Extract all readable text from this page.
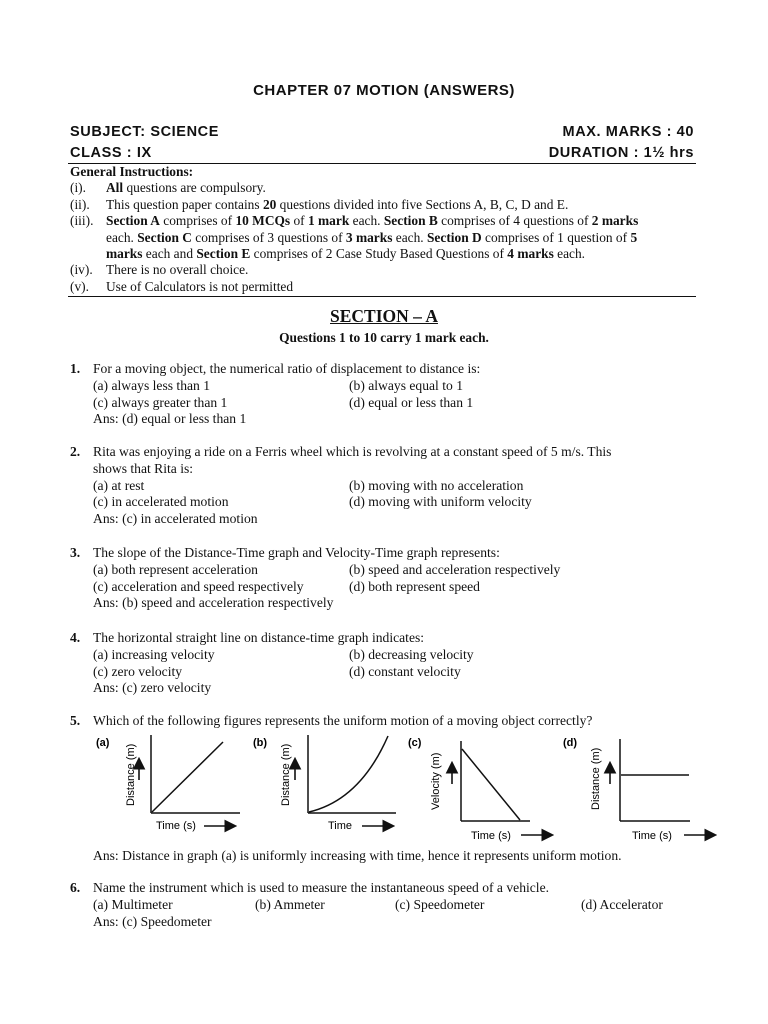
CHAPTER 07 MOTION (ANSWERS)
SUBJECT: SCIENCE	MAX. MARKS : 40
CLASS : IX	DURATION : 1½ hrs
General Instructions:
(i).	All questions are compulsory.
(ii).	This question paper contains 20 questions divided into five Sections A, B, C, D and E.
(iii). Section A comprises of 10 MCQs of 1 mark each. Section B comprises of 4 questions of 2 marks
each. Section C comprises of 3 questions of 3 marks each. Section D comprises of 1 question of 5
marks each and Section E comprises of 2 Case Study Based Questions of 4 marks each.
(iv). There is no overall choice.
(v).	Use of Calculators is not permitted
SECTION – A
Questions 1 to 10 carry 1 mark each.
1. For a moving object, the numerical ratio of displacement to distance is:
(a) always less than 1	(b) always equal to 1
(c) always greater than 1	(d) equal or less than 1
Ans: (d) equal or less than 1
2. Rita was enjoying a ride on a Ferris wheel which is revolving at a constant speed of 5 m/s. This
shows that Rita is:
(a) at rest	(b) moving with no acceleration
(c) in accelerated motion	(d) moving with uniform velocity
Ans: (c) in accelerated motion
3. The slope of the Distance-Time graph and Velocity-Time graph represents:
(a) both represent acceleration	(b) speed and acceleration respectively
(c) acceleration and speed respectively	(d) both represent speed
Ans: (b) speed and acceleration respectively
4. The horizontal straight line on distance-time graph indicates:
(a) increasing velocity	(b) decreasing velocity
(c) zero velocity	(d) constant velocity
Ans: (c) zero velocity
5. Which of the following figures represents the uniform motion of a moving object correctly?
(a)
Distance (m)
Time (s)
(b)
Distance (m)
Time
(c)
Velocity (m)
Time (s)
(d)
Distance (m)
Time (s)
Ans: Distance in graph (a) is uniformly increasing with time, hence it represents uniform motion.
6. Name the instrument which is used to measure the instantaneous speed of a vehicle.
(a) Multimeter	(b) Ammeter	(c) Speedometer	(d) Accelerator
Ans: (c) Speedometer
